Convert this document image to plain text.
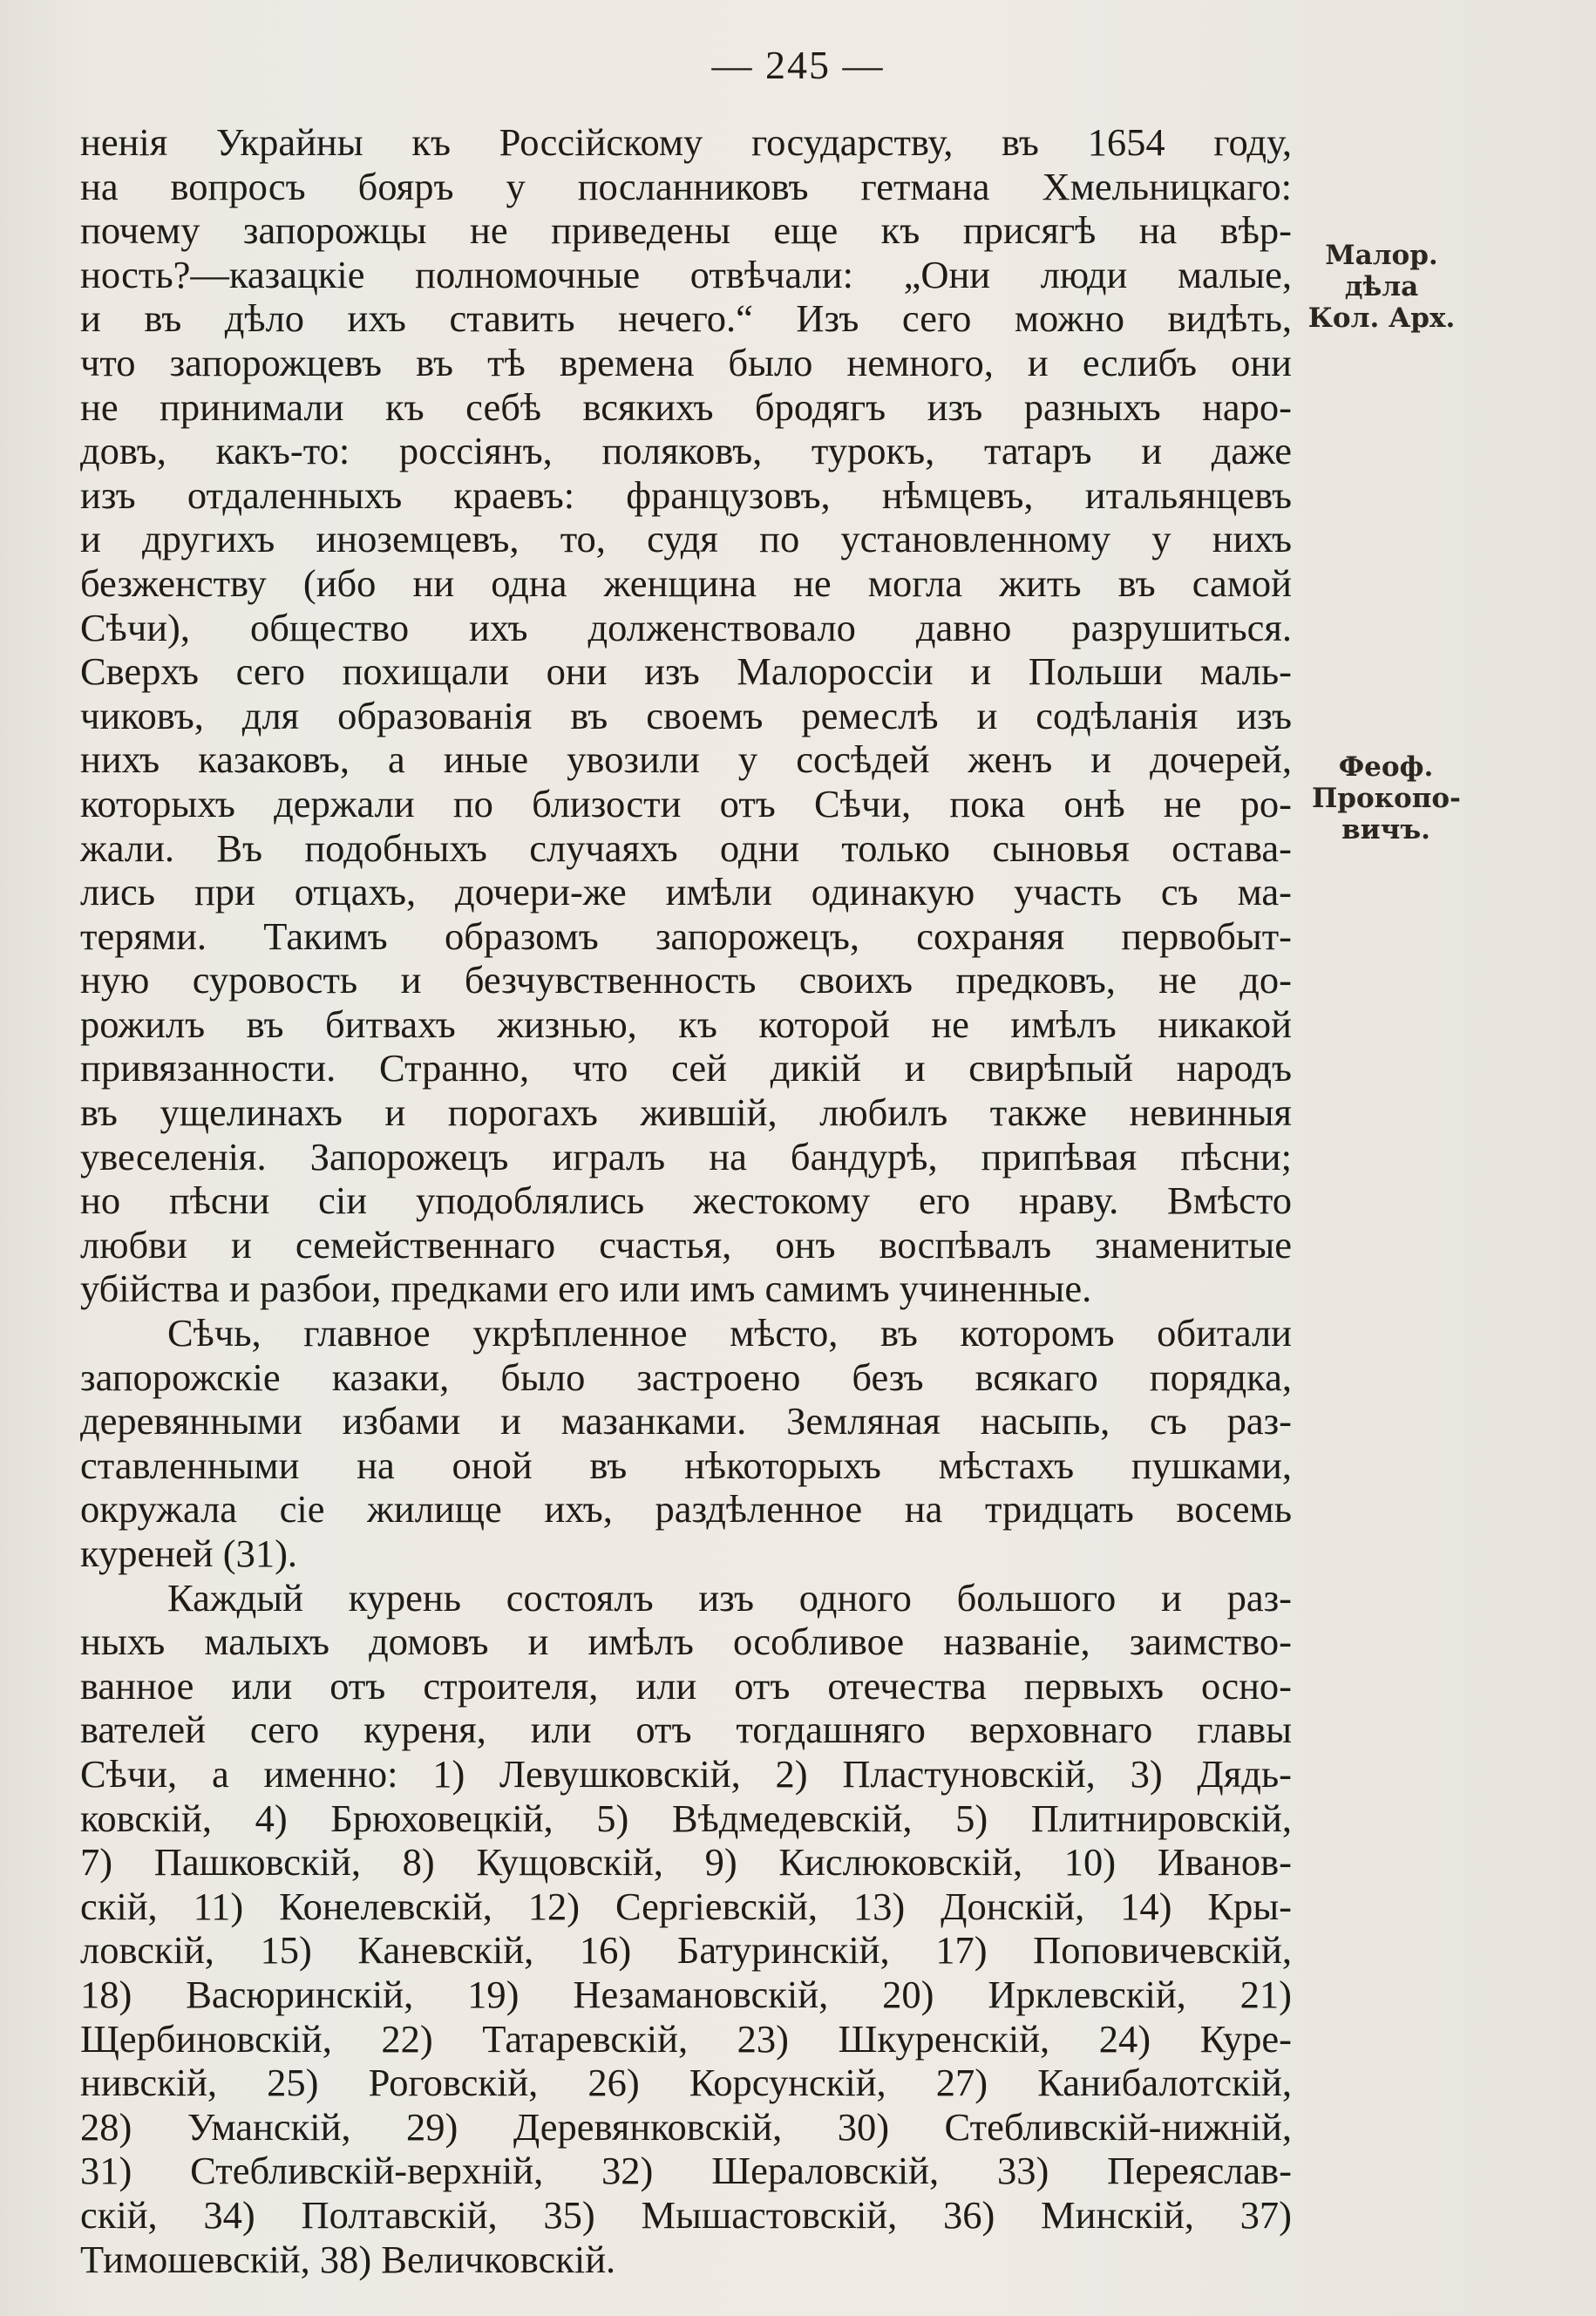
— 245 —
Малор.
дѣла
Кол. Арх.
Феоф.
Прокопо-
вичъ.
ненія Украйны къ Россійскому государству, въ 1654 году,
на вопросъ бояръ у посланниковъ гетмана Хмельницкаго:
почему запорожцы не приведены еще къ присягѣ на вѣр-
ность?—казацкіе полномочные отвѣчали: „Они люди малые,
и въ дѣло ихъ ставить нечего.“ Изъ сего можно видѣть,
что запорожцевъ въ тѣ времена было немного, и еслибъ они
не принимали къ себѣ всякихъ бродягъ изъ разныхъ наро-
довъ, какъ-то: россіянъ, поляковъ, турокъ, татаръ и даже
изъ отдаленныхъ краевъ: французовъ, нѣмцевъ, итальянцевъ
и другихъ иноземцевъ, то, судя по установленному у нихъ
безженству (ибо ни одна женщина не могла жить въ самой
Сѣчи), общество ихъ долженствовало давно разрушиться.
Сверхъ сего похищали они изъ Малороссіи и Польши маль-
чиковъ, для образованія въ своемъ ремеслѣ и содѣланія изъ
нихъ казаковъ, а иные увозили у сосѣдей женъ и дочерей,
которыхъ держали по близости отъ Сѣчи, пока онѣ не ро-
жали. Въ подобныхъ случаяхъ одни только сыновья остава-
лись при отцахъ, дочери-же имѣли одинакую участь съ ма-
терями. Такимъ образомъ запорожецъ, сохраняя первобыт-
ную суровость и безчувственность своихъ предковъ, не до-
рожилъ въ битвахъ жизнью, къ которой не имѣлъ никакой
привязанности. Странно, что сей дикій и свирѣпый народъ
въ ущелинахъ и порогахъ жившій, любилъ также невинныя
увеселенія. Запорожецъ игралъ на бандурѣ, припѣвая пѣсни;
но пѣсни сіи уподоблялись жестокому его нраву. Вмѣсто
любви и семейственнаго счастья, онъ воспѣвалъ знаменитые
убійства и разбои, предками его или имъ самимъ учиненные.
Сѣчь, главное укрѣпленное мѣсто, въ которомъ обитали
запорожскіе казаки, было застроено безъ всякаго порядка,
деревянными избами и мазанками. Земляная насыпь, съ раз-
ставленными на оной въ нѣкоторыхъ мѣстахъ пушками,
окружала сіе жилище ихъ, раздѣленное на тридцать восемь
куреней (31).
Каждый курень состоялъ изъ одного большого и раз-
ныхъ малыхъ домовъ и имѣлъ особливое названіе, заимство-
ванное или отъ строителя, или отъ отечества первыхъ осно-
вателей сего куреня, или отъ тогдашняго верховнаго главы
Сѣчи, а именно: 1) Левушковскій, 2) Пластуновскій, 3) Дядь-
ковскій, 4) Брюховецкій, 5) Вѣдмедевскій, 5) Плитнировскій,
7) Пашковскій, 8) Кущовскій, 9) Кислюковскій, 10) Иванов-
скій, 11) Конелевскій, 12) Сергіевскій, 13) Донскій, 14) Кры-
ловскій, 15) Каневскій, 16) Батуринскій, 17) Поповичевскій,
18) Васюринскій, 19) Незамановскій, 20) Ирклевскій, 21)
Щербиновскій, 22) Татаревскій, 23) Шкуренскій, 24) Куре-
нивскій, 25) Роговскій, 26) Корсунскій, 27) Канибалотскій,
28) Уманскій, 29) Деревянковскій, 30) Стебливскій-нижній,
31) Стебливскій-верхній, 32) Шераловскій, 33) Переяслав-
скій, 34) Полтавскій, 35) Мышастовскій, 36) Минскій, 37)
Тимошевскій, 38) Величковскій.
